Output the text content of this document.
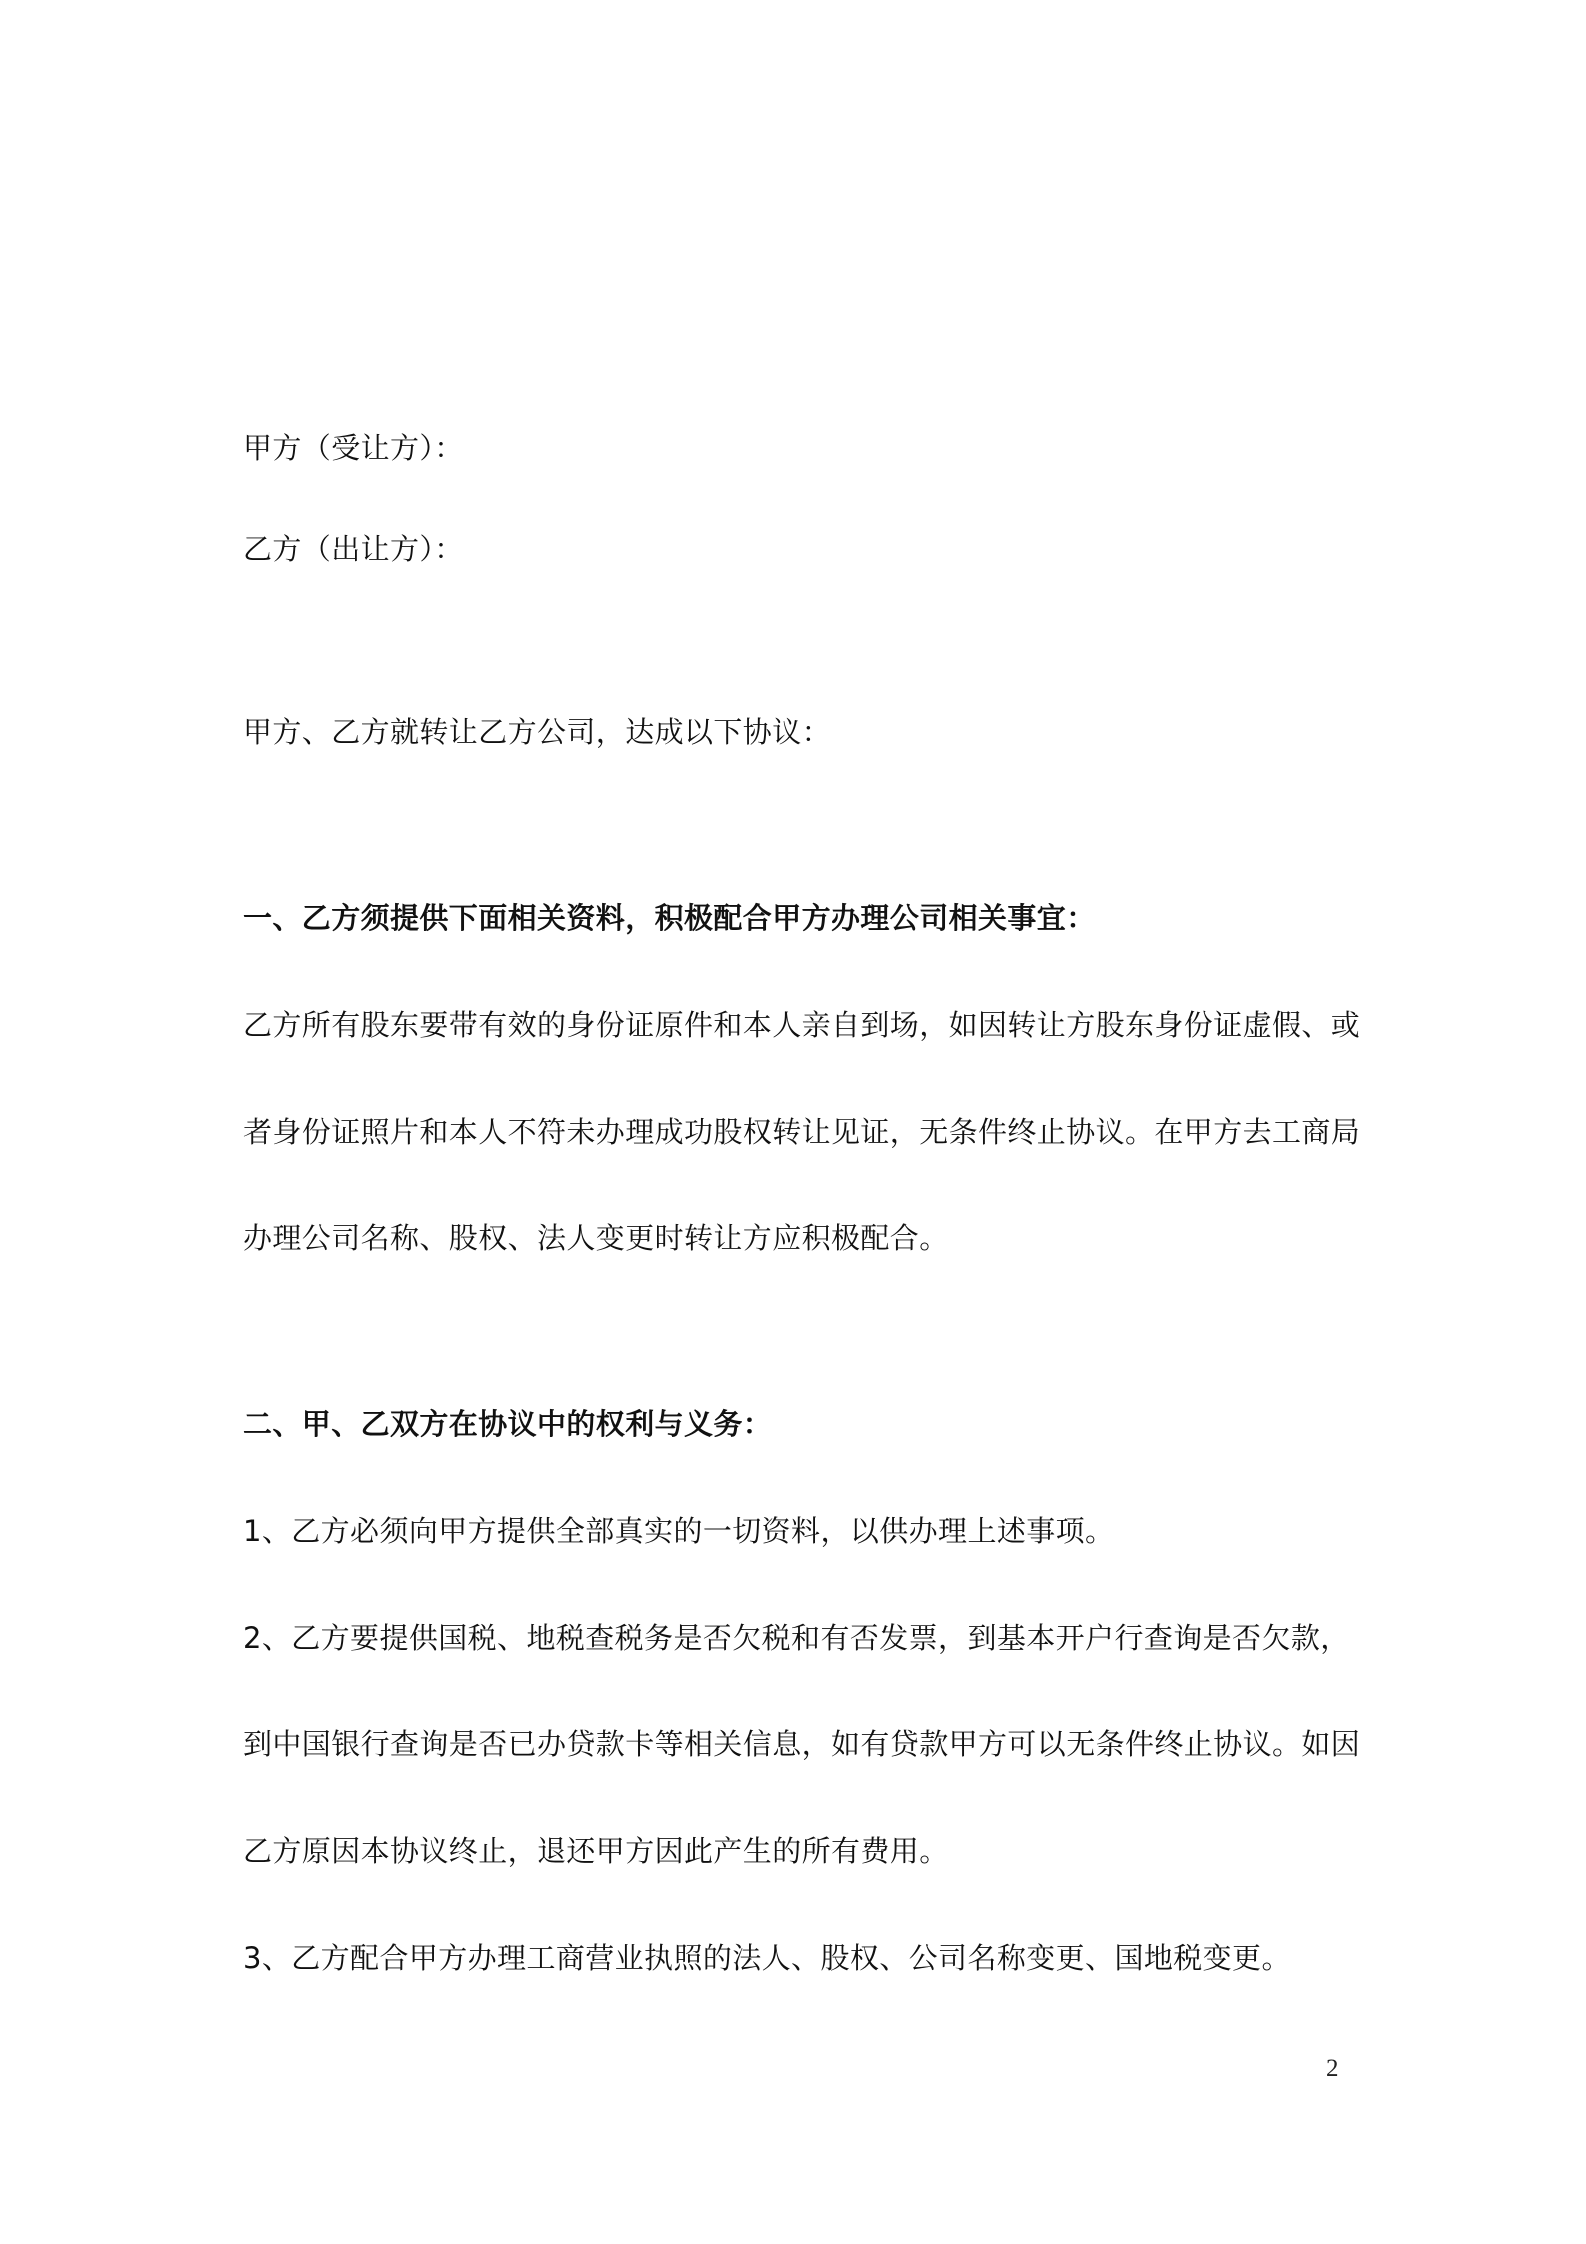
甲方（受让方）：
乙方（出让方）：
甲方、乙方就转让乙方公司，达成以下协议：
一、乙方须提供下面相关资料，积极配合甲方办理公司相关事宜：
乙方所有股东要带有效的身份证原件和本人亲自到场，如因转让方股东身份证虚假、或
者身份证照片和本人不符未办理成功股权转让见证，无条件终止协议。在甲方去工商局
办理公司名称、股权、法人变更时转让方应积极配合。
二、甲、乙双方在协议中的权利与义务：
1、乙方必须向甲方提供全部真实的一切资料，以供办理上述事项。
2、乙方要提供国税、地税查税务是否欠税和有否发票，到基本开户行查询是否欠款，
到中国银行查询是否已办贷款卡等相关信息，如有贷款甲方可以无条件终止协议。如因
乙方原因本协议终止，退还甲方因此产生的所有费用。
3、乙方配合甲方办理工商营业执照的法人、股权、公司名称变更、国地税变更。
2
